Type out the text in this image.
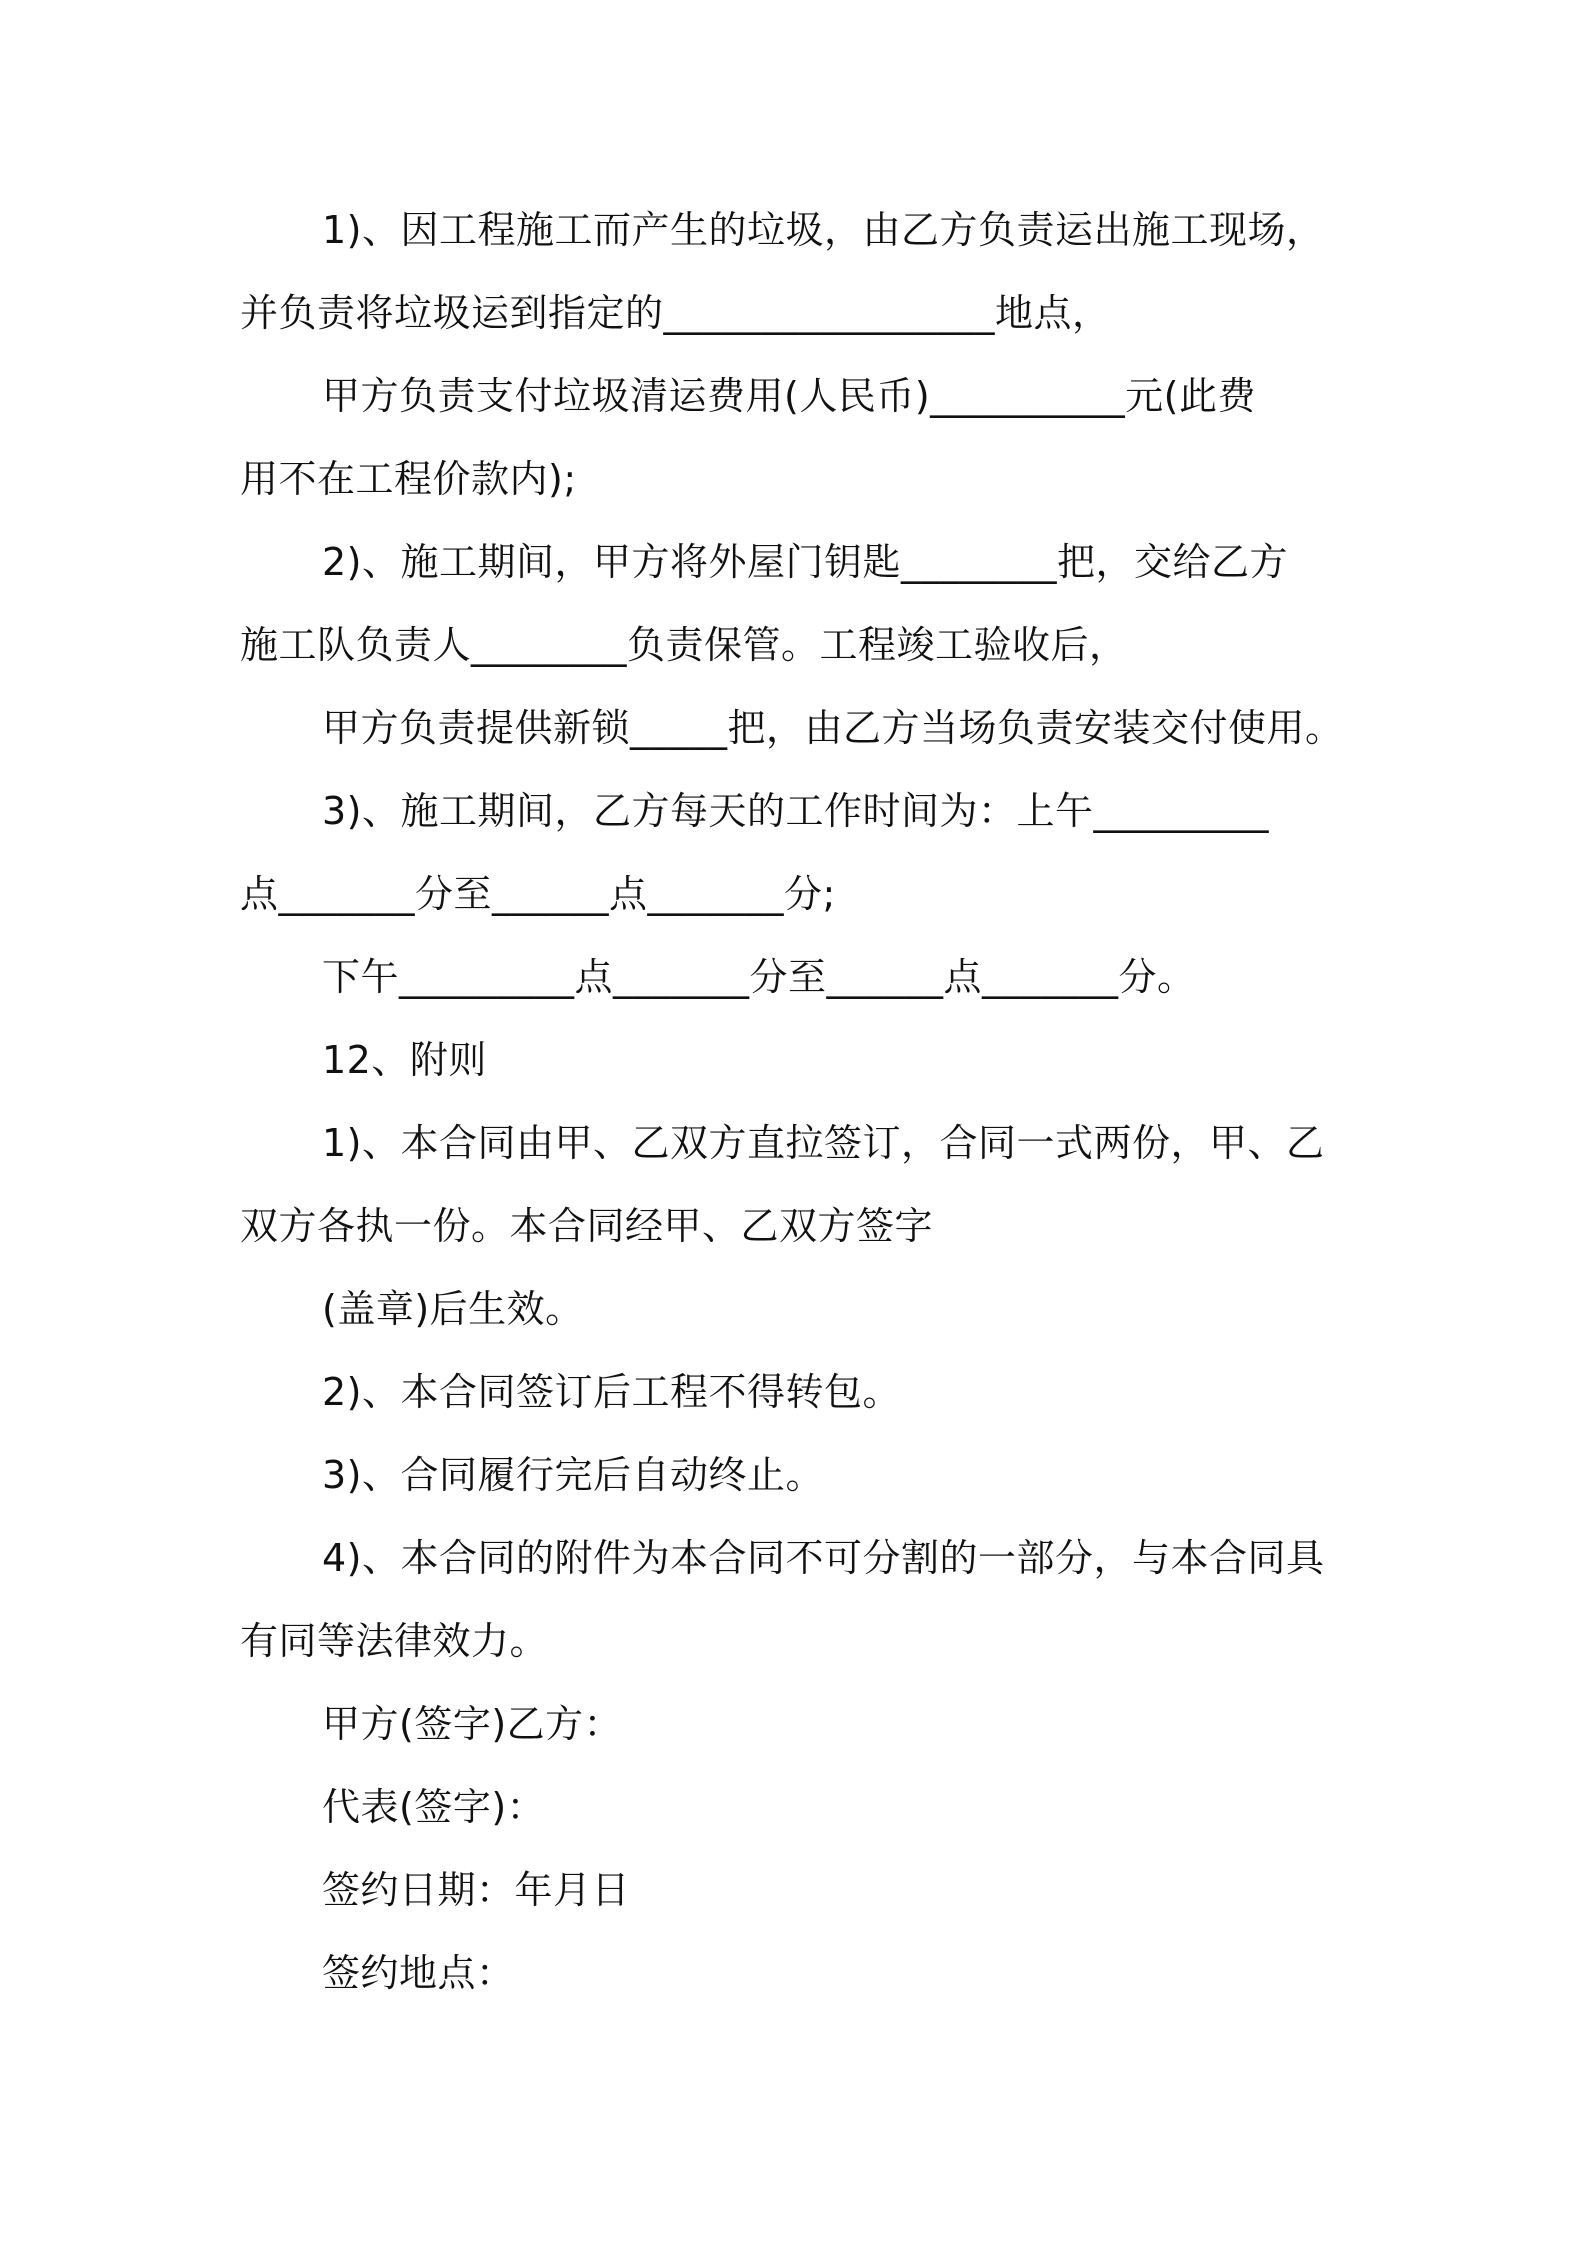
1)、因工程施工而产生的垃圾，由乙方负责运出施工现场，
并负责将垃圾运到指定的_________________地点，
甲方负责支付垃圾清运费用(人民币)__________元(此费
用不在工程价款内);
2)、施工期间，甲方将外屋门钥匙________把，交给乙方
施工队负责人________负责保管。工程竣工验收后，
甲方负责提供新锁_____把，由乙方当场负责安装交付使用。
3)、施工期间，乙方每天的工作时间为：上午_________
点_______分至______点_______分;
下午_________点_______分至______点_______分。
12、附则
1)、本合同由甲、乙双方直拉签订，合同一式两份，甲、乙
双方各执一份。本合同经甲、乙双方签字
(盖章)后生效。
2)、本合同签订后工程不得转包。
3)、合同履行完后自动终止。
4)、本合同的附件为本合同不可分割的一部分，与本合同具
有同等法律效力。
甲方(签字)乙方：
代表(签字)：
签约日期：年月日
签约地点：
